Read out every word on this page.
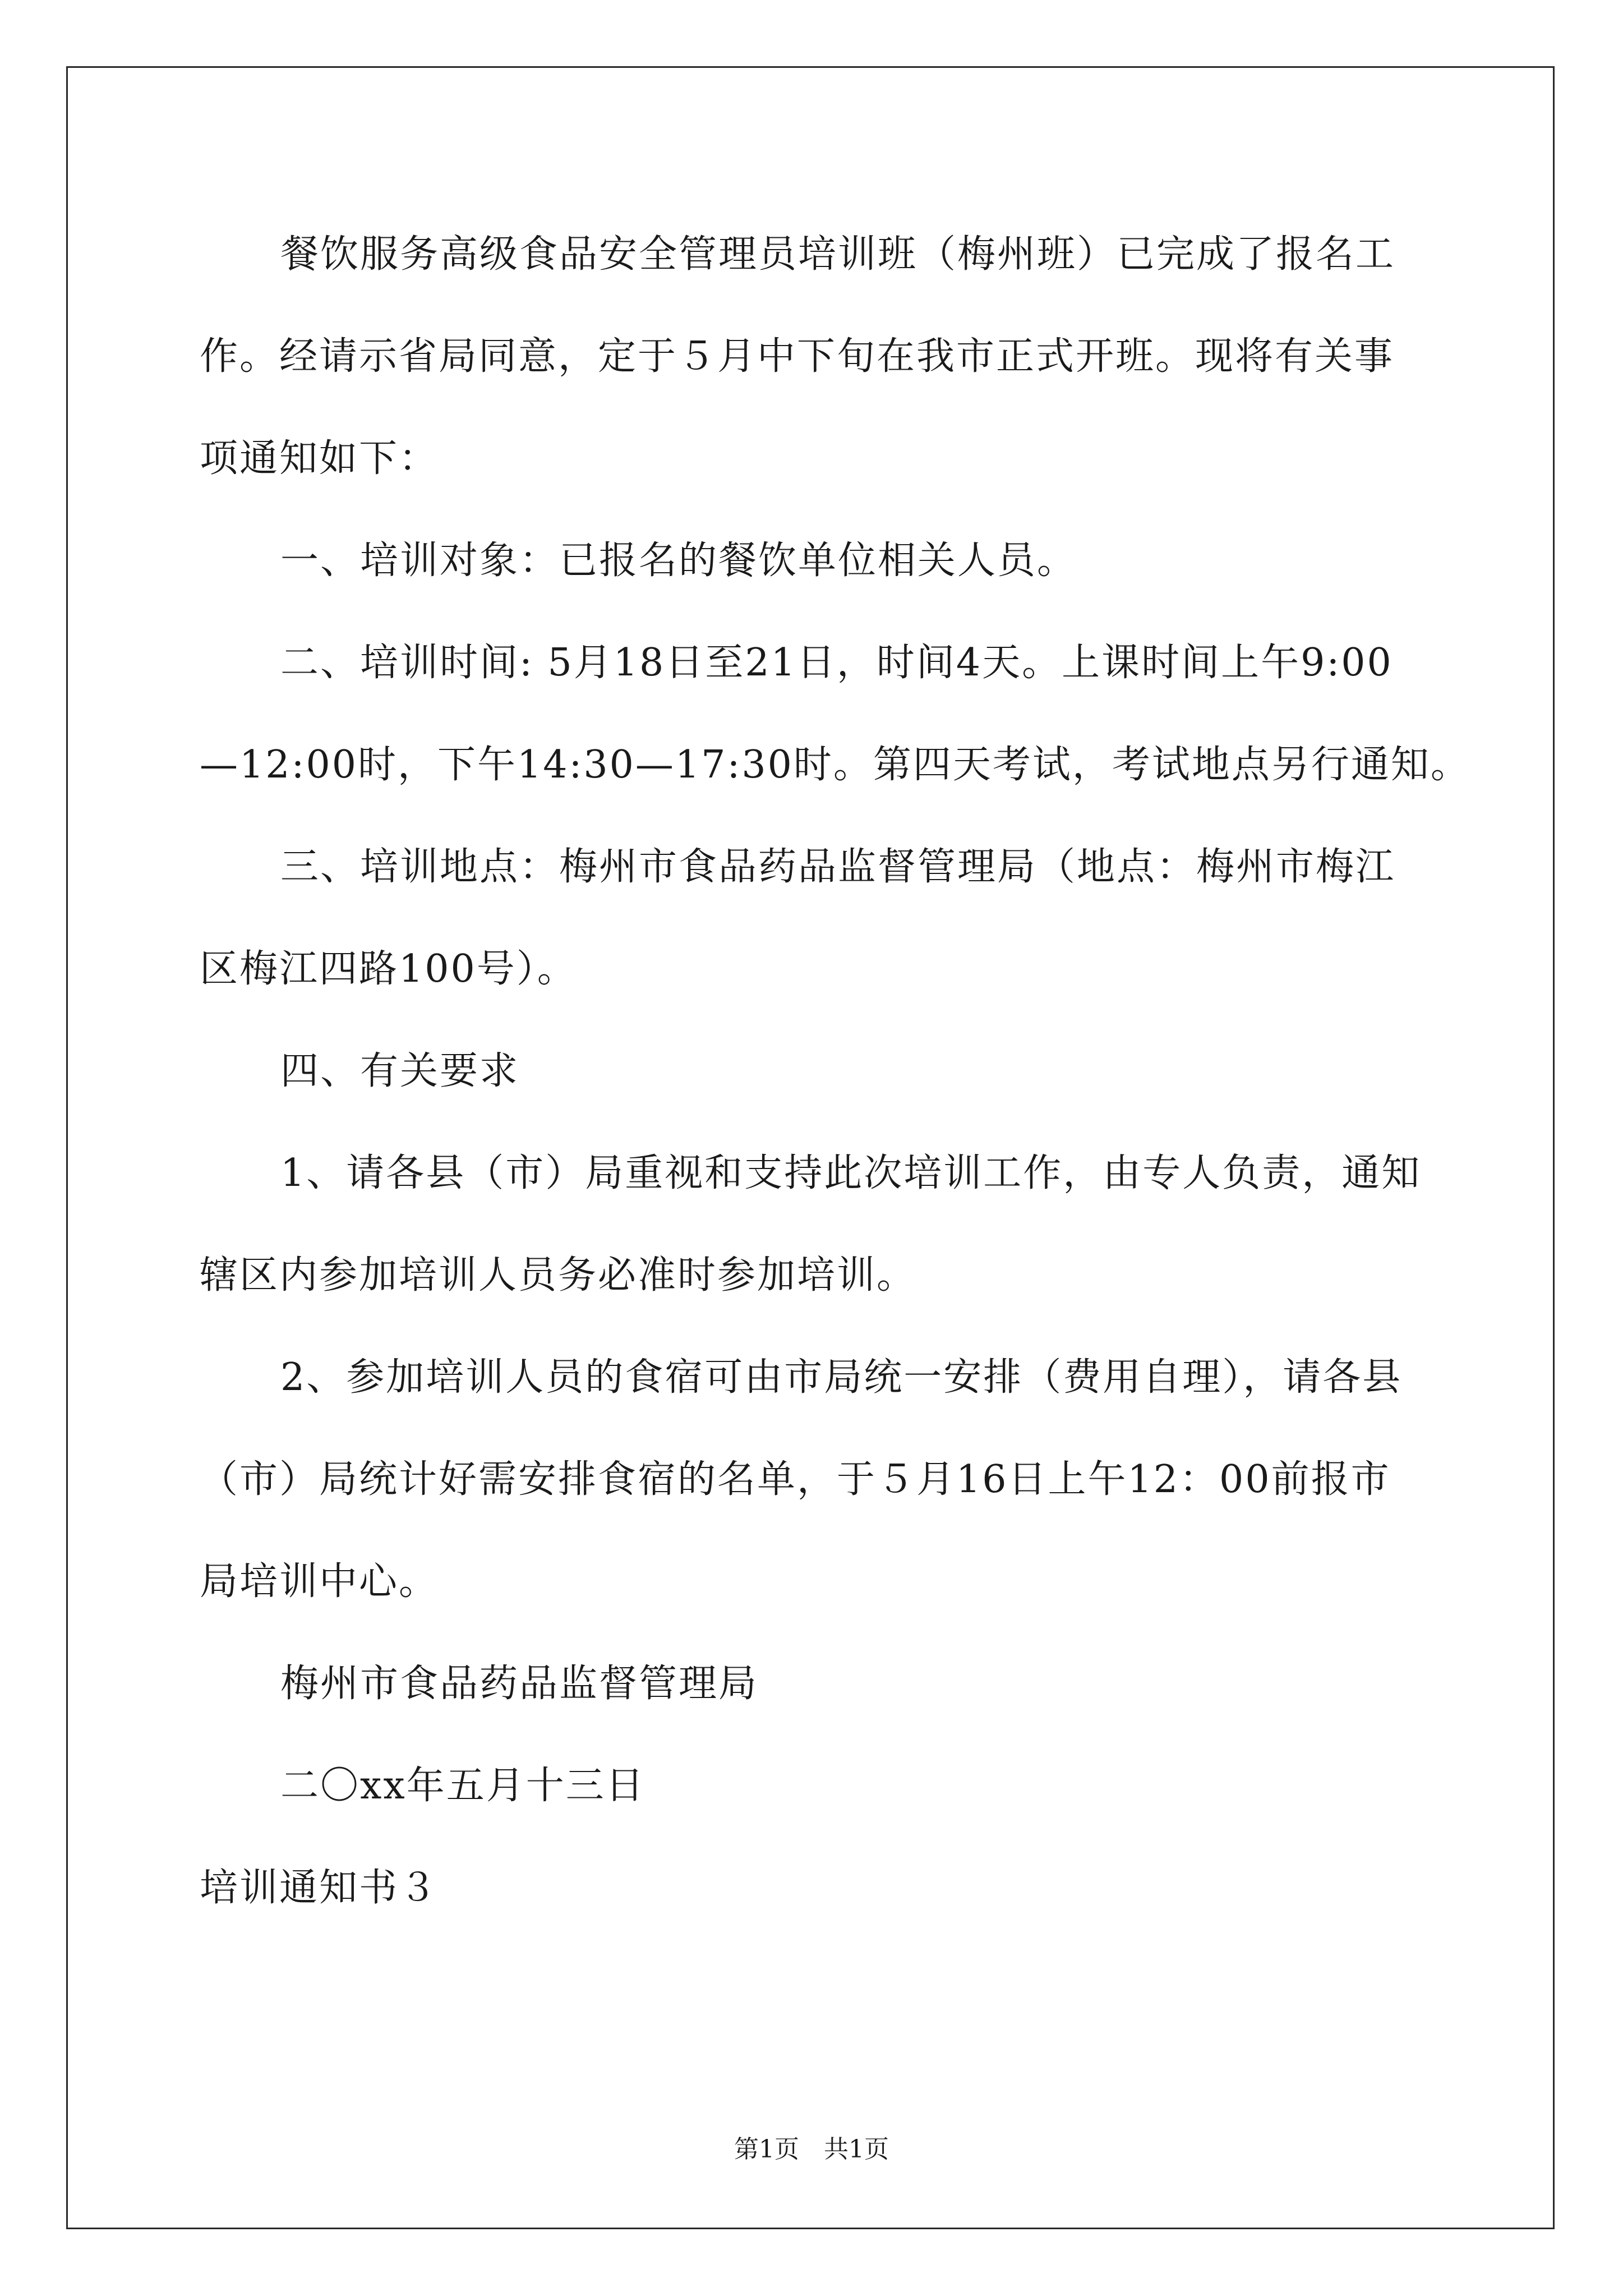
餐饮服务高级食品安全管理员培训班（梅州班）已完成了报名工
作。经请示省局同意，定于５月中下旬在我市正式开班。现将有关事
项通知如下：
一、培训对象：已报名的餐饮单位相关人员。
二、培训时间: 5月18日至21日，时间4天。上课时间上午9:00
—12:00时，下午14:30—17:30时。第四天考试，考试地点另行通知。
三、培训地点：梅州市食品药品监督管理局（地点：梅州市梅江
区梅江四路100号）。
四、有关要求
1、请各县（市）局重视和支持此次培训工作，由专人负责，通知
辖区内参加培训人员务必准时参加培训。
2、参加培训人员的食宿可由市局统一安排（费用自理），请各县
（市）局统计好需安排食宿的名单，于５月16日上午12：00前报市
局培训中心。
梅州市食品药品监督管理局
二〇xx年五月十三日
培训通知书３
第1页　共1页
